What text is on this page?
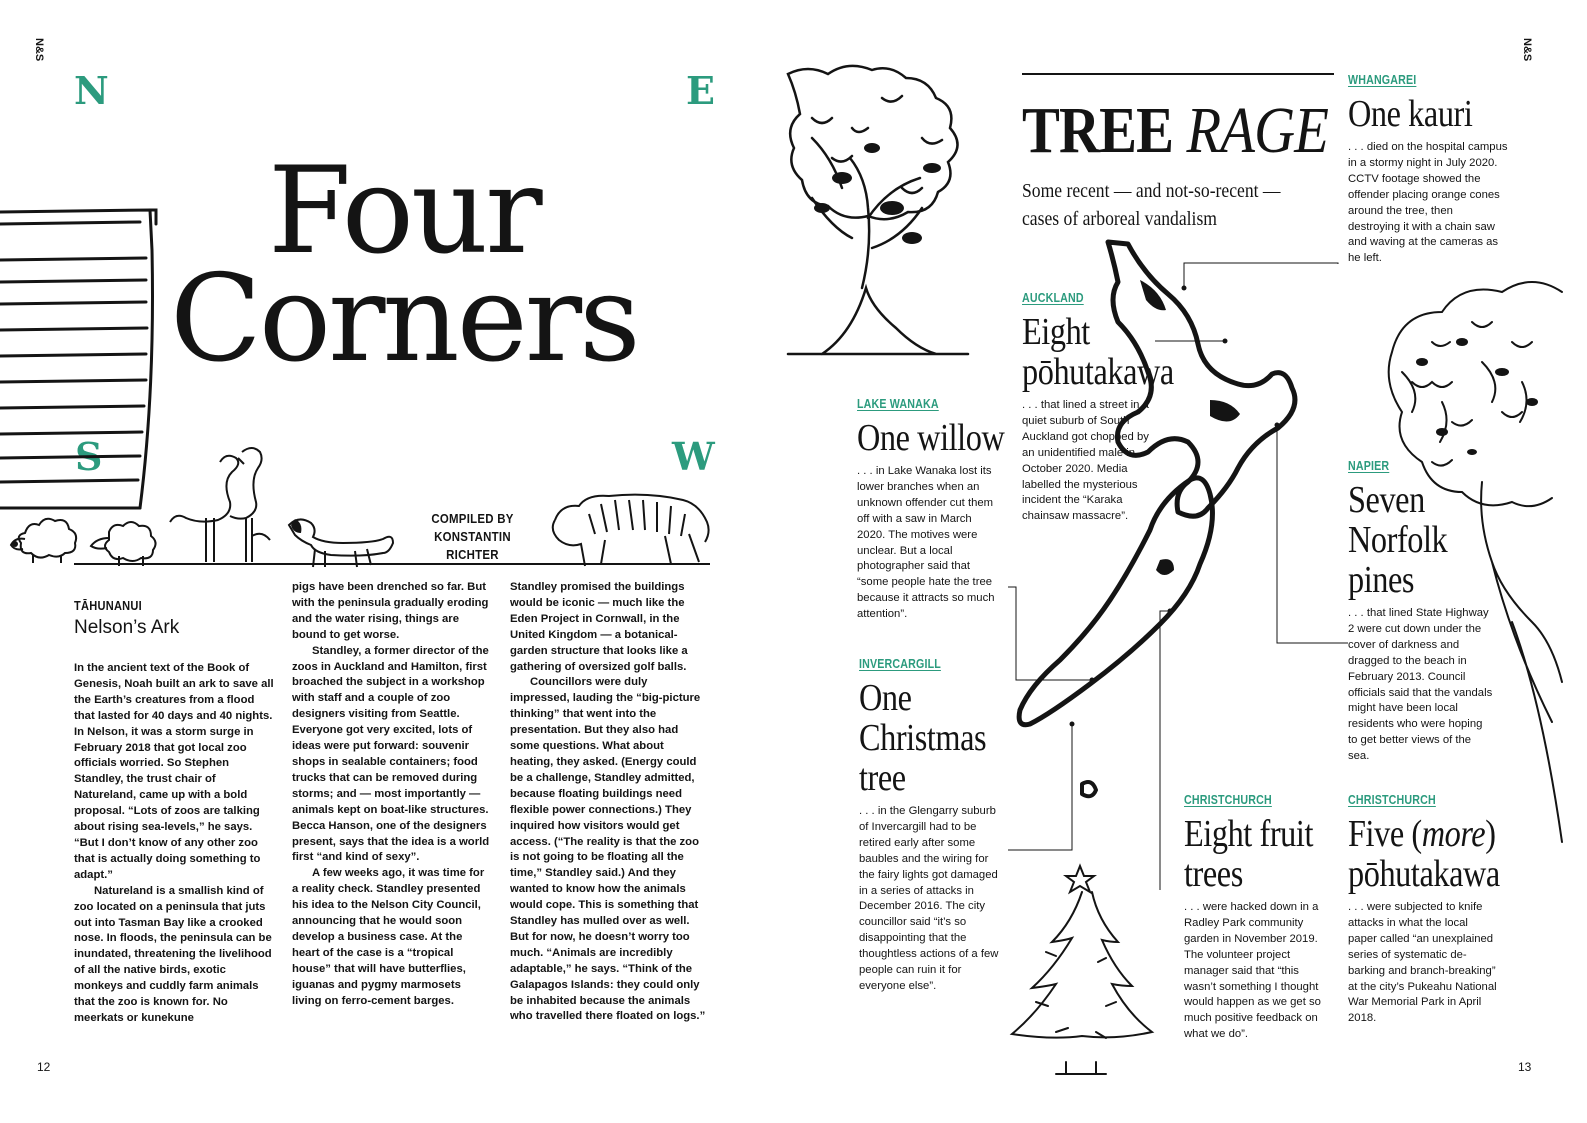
N&S	N&S
N	E
S	W
Four
Corners
COMPILED BY
KONSTANTIN RICHTER
TĀHUNANUI
Nelson’s Ark

In the ancient text of the Book of Genesis, Noah built an ark to save all the Earth’s creatures from a flood that lasted for 40 days and 40 nights. In Nelson, it was a storm surge in February 2018 that got local zoo officials worried. So Stephen Standley, the trust chair of Natureland, came up with a bold proposal. “Lots of zoos are talking about rising sea-levels,” he says. “But I don’t know of any other zoo that is actually doing something to adapt.”

Natureland is a smallish kind of zoo located on a peninsula that juts out into Tasman Bay like a crooked nose. In floods, the peninsula can be inundated, threatening the livelihood of all the native birds, exotic monkeys and cuddly farm animals that the zoo is known for. No meerkats or kunekune

pigs have been drenched so far. But with the peninsula gradually eroding and the water rising, things are bound to get worse.

Standley, a former director of the zoos in Auckland and Hamilton, first broached the subject in a workshop with staff and a couple of zoo designers visiting from Seattle. Everyone got very excited, lots of ideas were put forward: souvenir shops in sealable containers; food trucks that can be removed during storms; and — most importantly — animals kept on boat-like structures. Becca Hanson, one of the designers present, says that the idea is a world first “and kind of sexy”.

A few weeks ago, it was time for a reality check. Standley presented his idea to the Nelson City Council, announcing that he would soon develop a business case. At the heart of the case is a “tropical house” that will have butterflies, iguanas and pygmy marmosets living on ferro-cement barges.

Standley promised the buildings would be iconic — much like the Eden Project in Cornwall, in the United Kingdom — a botanical-garden structure that looks like a gathering of oversized golf balls.

Councillors were duly impressed, lauding the “big-picture thinking” that went into the presentation. But they also had some questions. What about heating, they asked. (Energy could be a challenge, Standley admitted, because floating buildings need flexible power connections.) They inquired how visitors would get access. (“The reality is that the zoo is not going to be floating all the time,” Standley said.) And they wanted to know how the animals would cope. This is something that Standley has mulled over as well. But for now, he doesn’t worry too much. “Animals are incredibly adaptable,” he says. “Think of the Galapagos Islands: they could only be inhabited because the animals who travelled there floated on logs.”

12
TREE RAGE
Some recent — and not-so-recent — cases of arboreal vandalism
WHANGAREI
One kauri
. . . died on the hospital campus in a stormy night in July 2020. CCTV footage showed the offender placing orange cones around the tree, then destroying it with a chain saw and waving at the cameras as he left.
AUCKLAND
Eight
pōhutakawa
. . . that lined a street in a quiet suburb of South Auckland got chopped by an unidentified male in October 2020. Media labelled the mysterious incident the “Karaka chainsaw massacre”.
LAKE WANAKA
One willow
. . . in Lake Wanaka lost its lower branches when an unknown offender cut them off with a saw in March 2020. The motives were unclear. But a local photographer said that “some people hate the tree because it attracts so much attention”.
NAPIER
Seven
Norfolk
pines
. . . that lined State Highway 2 were cut down under the cover of darkness and dragged to the beach in February 2013. Council officials said that the vandals might have been local residents who were hoping to get better views of the sea.
INVERCARGILL
One
Christmas
tree
. . . in the Glengarry suburb of Invercargill had to be retired early after some baubles and the wiring for the fairy lights got damaged in a series of attacks in December 2016. The city councillor said “it’s so disappointing that the thoughtless actions of a few people can ruin it for everyone else”.
CHRISTCHURCH
Eight fruit
trees
. . . were hacked down in a Radley Park community garden in November 2019. The volunteer project manager said that “this wasn’t something I thought would happen as we get so much positive feedback on what we do”.
CHRISTCHURCH
Five (more)
pōhutakawa
. . . were subjected to knife attacks in what the local paper called “an unexplained series of systematic de-barking and branch-breaking” at the city’s Pukeahu National War Memorial Park in April 2018.
13
